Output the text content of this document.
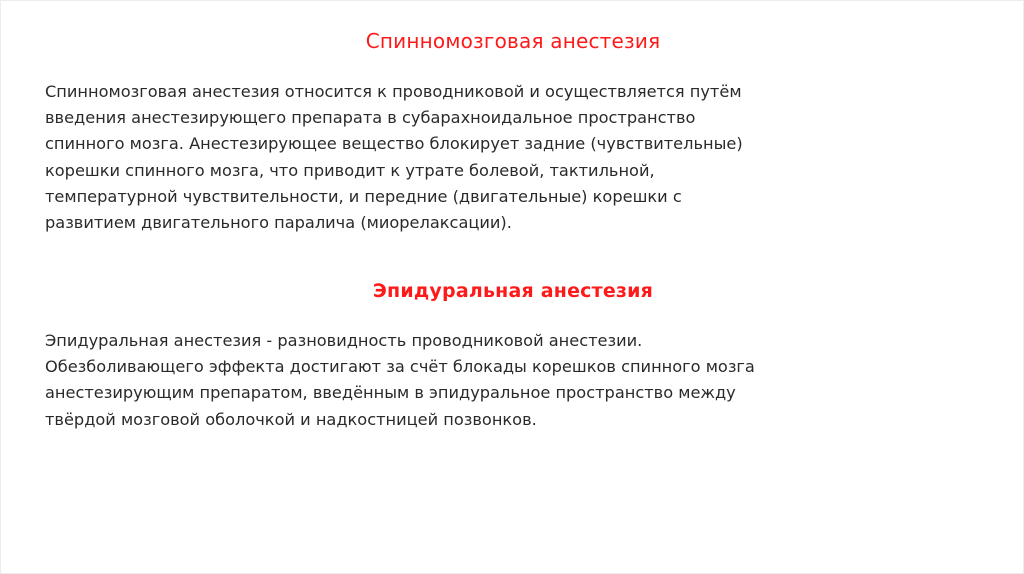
Спинномозговая анестезия

Спинномозговая анестезия относится к проводниковой и осуществляется путём
введения анестезирующего препарата в субарахноидальное пространство
спинного мозга. Анестезирующее вещество блокирует задние (чувствительные)
корешки спинного мозга, что приводит к утрате болевой, тактильной,
температурной чувствительности, и передние (двигательные) корешки с
развитием двигательного паралича (миорелаксации).

Эпидуральная анестезия

Эпидуральная анестезия - разновидность проводниковой анестезии.
Обезболивающего эффекта достигают за счёт блокады корешков спинного мозга
анестезирующим препаратом, введённым в эпидуральное пространство между
твёрдой мозговой оболочкой и надкостницей позвонков.
